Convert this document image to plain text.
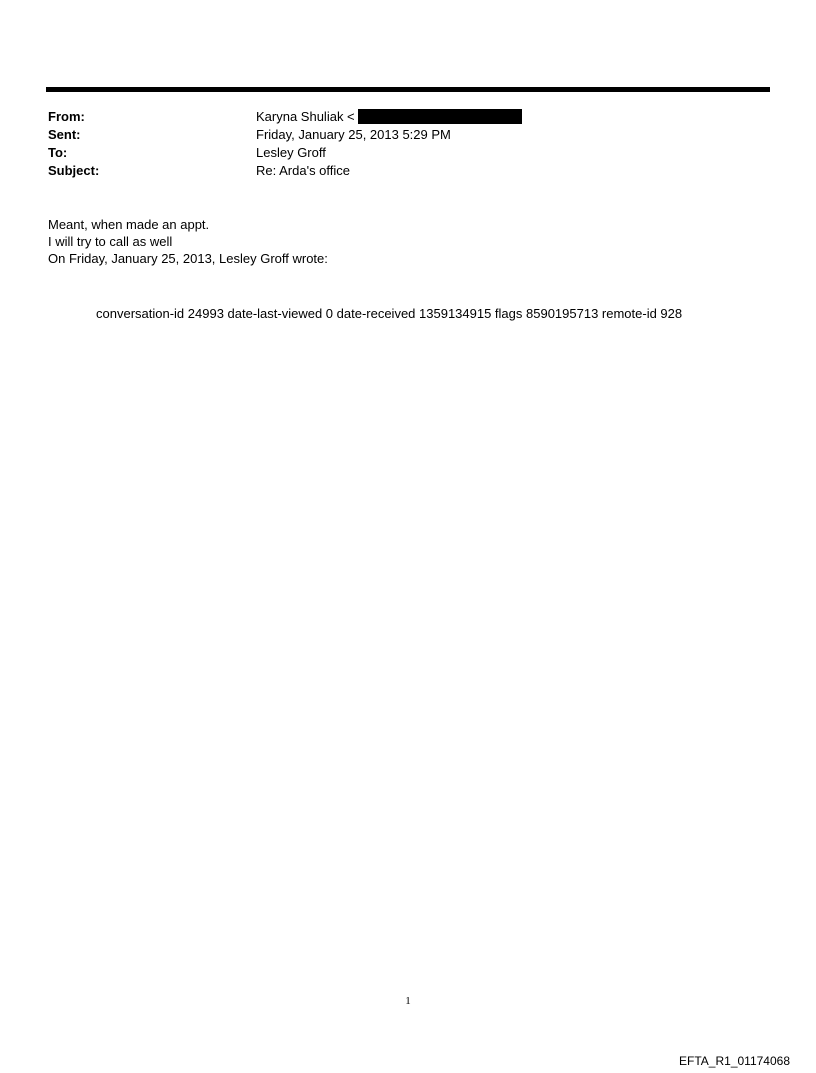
From:	Karyna Shuliak <
Sent:	Friday, January 25, 2013 5:29 PM
To:	Lesley Groff
Subject:	Re: Arda's office
Meant, when made an appt.
I will try to call as well
On Friday, January 25, 2013, Lesley Groff wrote:
conversation-id 24993 date-last-viewed 0 date-received 1359134915 flags 8590195713 remote-id 928
1
EFTA_R1_01174068
